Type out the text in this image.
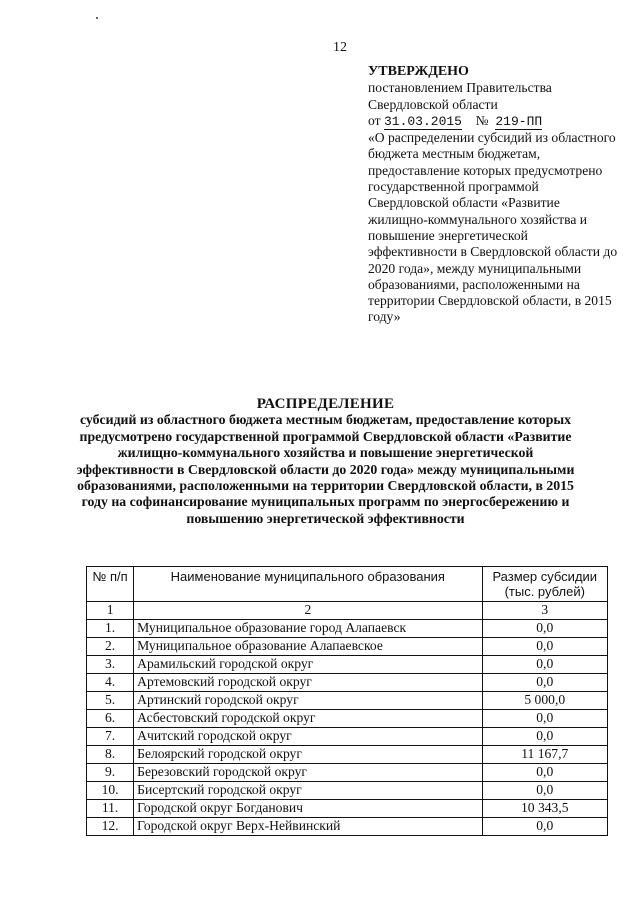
12
УТВЕРЖДЕНО
постановлением Правительства
Свердловской области
от 31.03.2015 № 219-ПП
«О распределении субсидий из областного бюджета местным бюджетам, предоставление которых предусмотрено государственной программой Свердловской области «Развитие жилищно-коммунального хозяйства и повышение энергетической эффективности в Свердловской области до 2020 года», между муниципальными образованиями, расположенными на территории Свердловской области, в 2015 году»
РАСПРЕДЕЛЕНИЕ
субсидий из областного бюджета местным бюджетам, предоставление которых предусмотрено государственной программой Свердловской области «Развитие жилищно-коммунального хозяйства и повышение энергетической эффективности в Свердловской области до 2020 года» между муниципальными образованиями, расположенными на территории Свердловской области, в 2015 году на софинансирование муниципальных программ по энергосбережению и повышению энергетической эффективности
№ п/п	Наименование муниципального образования	Размер субсидии (тыс. рублей)
1	2	3
1.	Муниципальное образование город Алапаевск	0,0
2.	Муниципальное образование Алапаевское	0,0
3.	Арамильский городской округ	0,0
4.	Артемовский городской округ	0,0
5.	Артинский городской округ	5 000,0
6.	Асбестовский городской округ	0,0
7.	Ачитский городской округ	0,0
8.	Белоярский городской округ	11 167,7
9.	Березовский городской округ	0,0
10.	Бисертский городской округ	0,0
11.	Городской округ Богданович	10 343,5
12.	Городской округ Верх-Нейвинский	0,0
